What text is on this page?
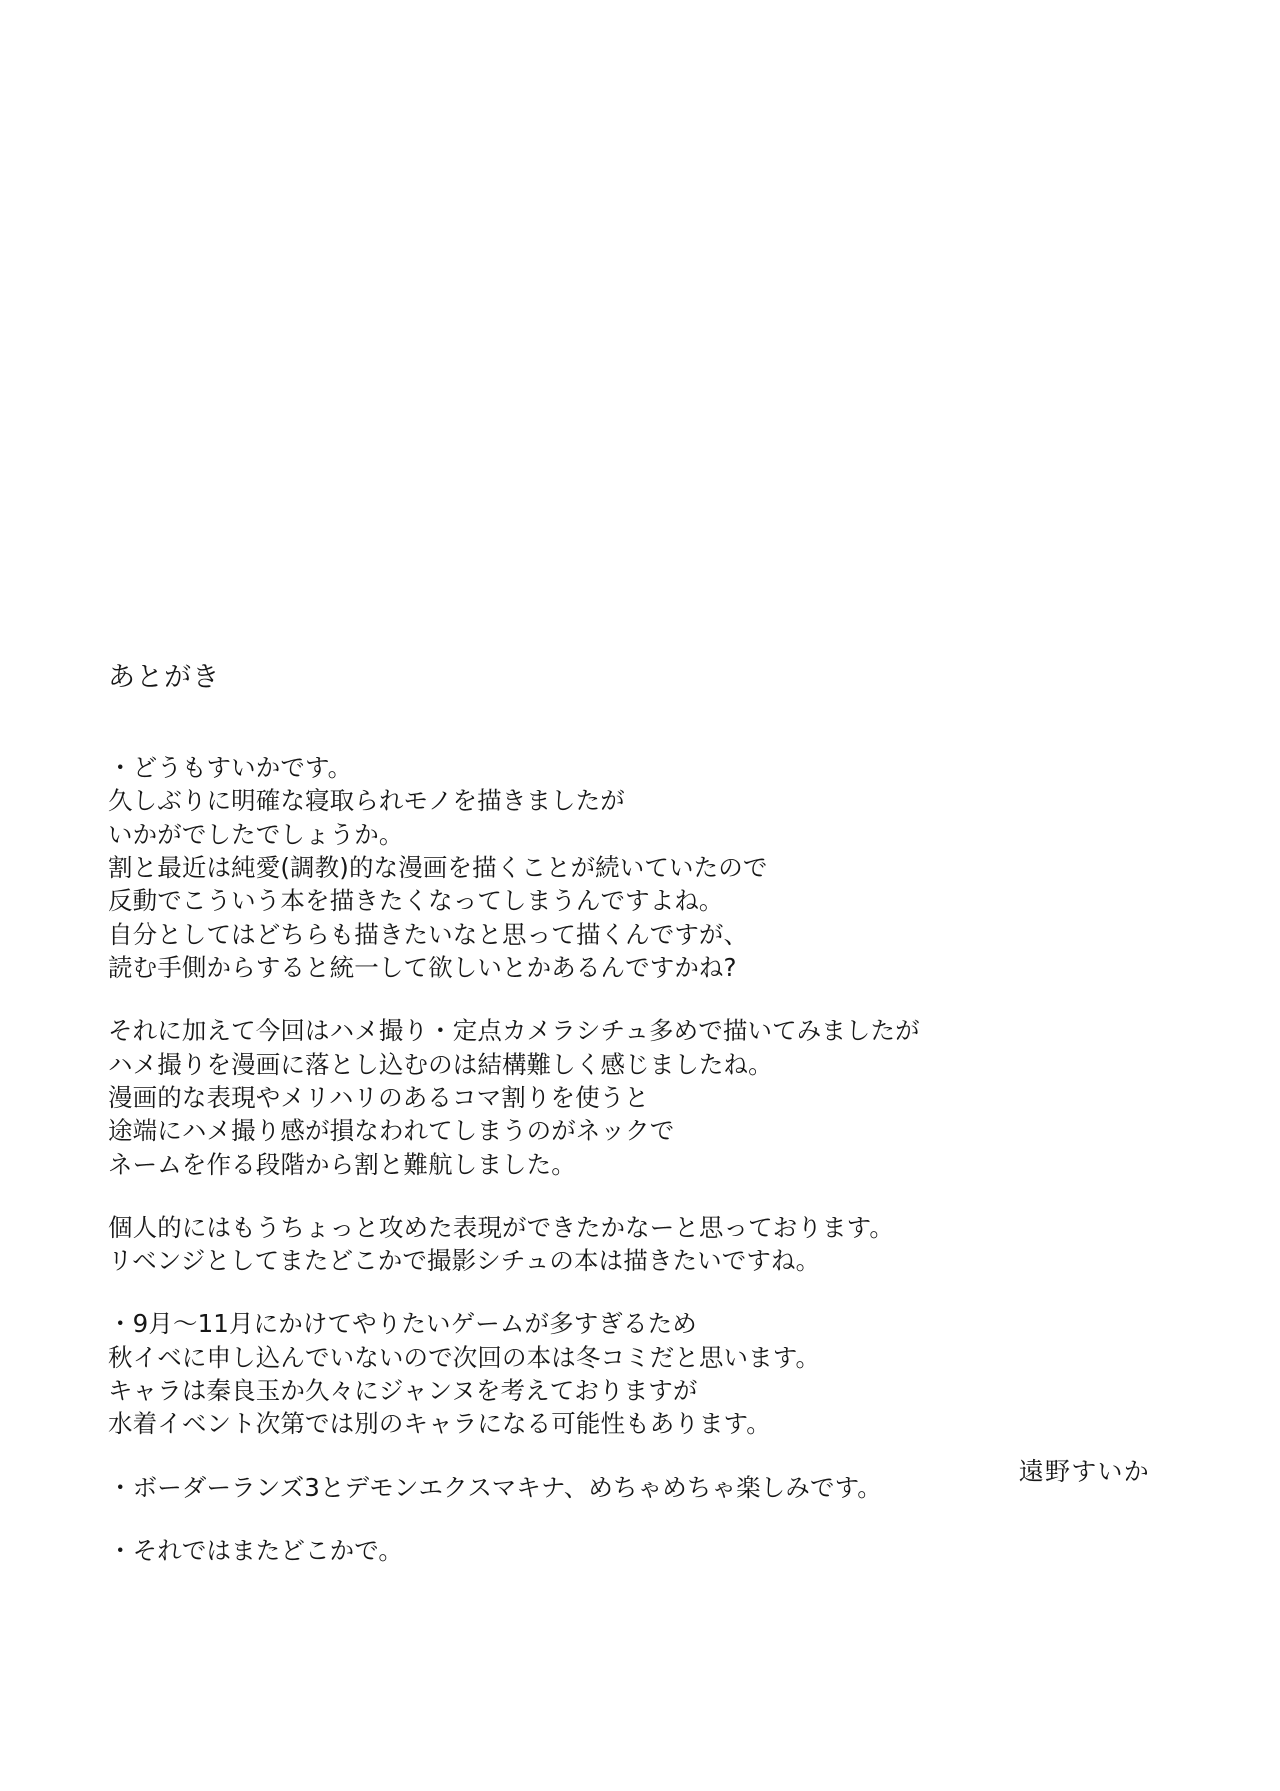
あとがき
・どうもすいかです。
久しぶりに明確な寝取られモノを描きましたが
いかがでしたでしょうか。
割と最近は純愛(調教)的な漫画を描くことが続いていたので
反動でこういう本を描きたくなってしまうんですよね。
自分としてはどちらも描きたいなと思って描くんですが、
読む手側からすると統一して欲しいとかあるんですかね?
それに加えて今回はハメ撮り・定点カメラシチュ多めで描いてみましたが
ハメ撮りを漫画に落とし込むのは結構難しく感じましたね。
漫画的な表現やメリハリのあるコマ割りを使うと
途端にハメ撮り感が損なわれてしまうのがネックで
ネームを作る段階から割と難航しました。
個人的にはもうちょっと攻めた表現ができたかなーと思っております。
リベンジとしてまたどこかで撮影シチュの本は描きたいですね。
・9月〜11月にかけてやりたいゲームが多すぎるため
秋イベに申し込んでいないので次回の本は冬コミだと思います。
キャラは秦良玉か久々にジャンヌを考えておりますが
水着イベント次第では別のキャラになる可能性もあります。
・ボーダーランズ3とデモンエクスマキナ、めちゃめちゃ楽しみです。
・それではまたどこかで。
遠野すいか
